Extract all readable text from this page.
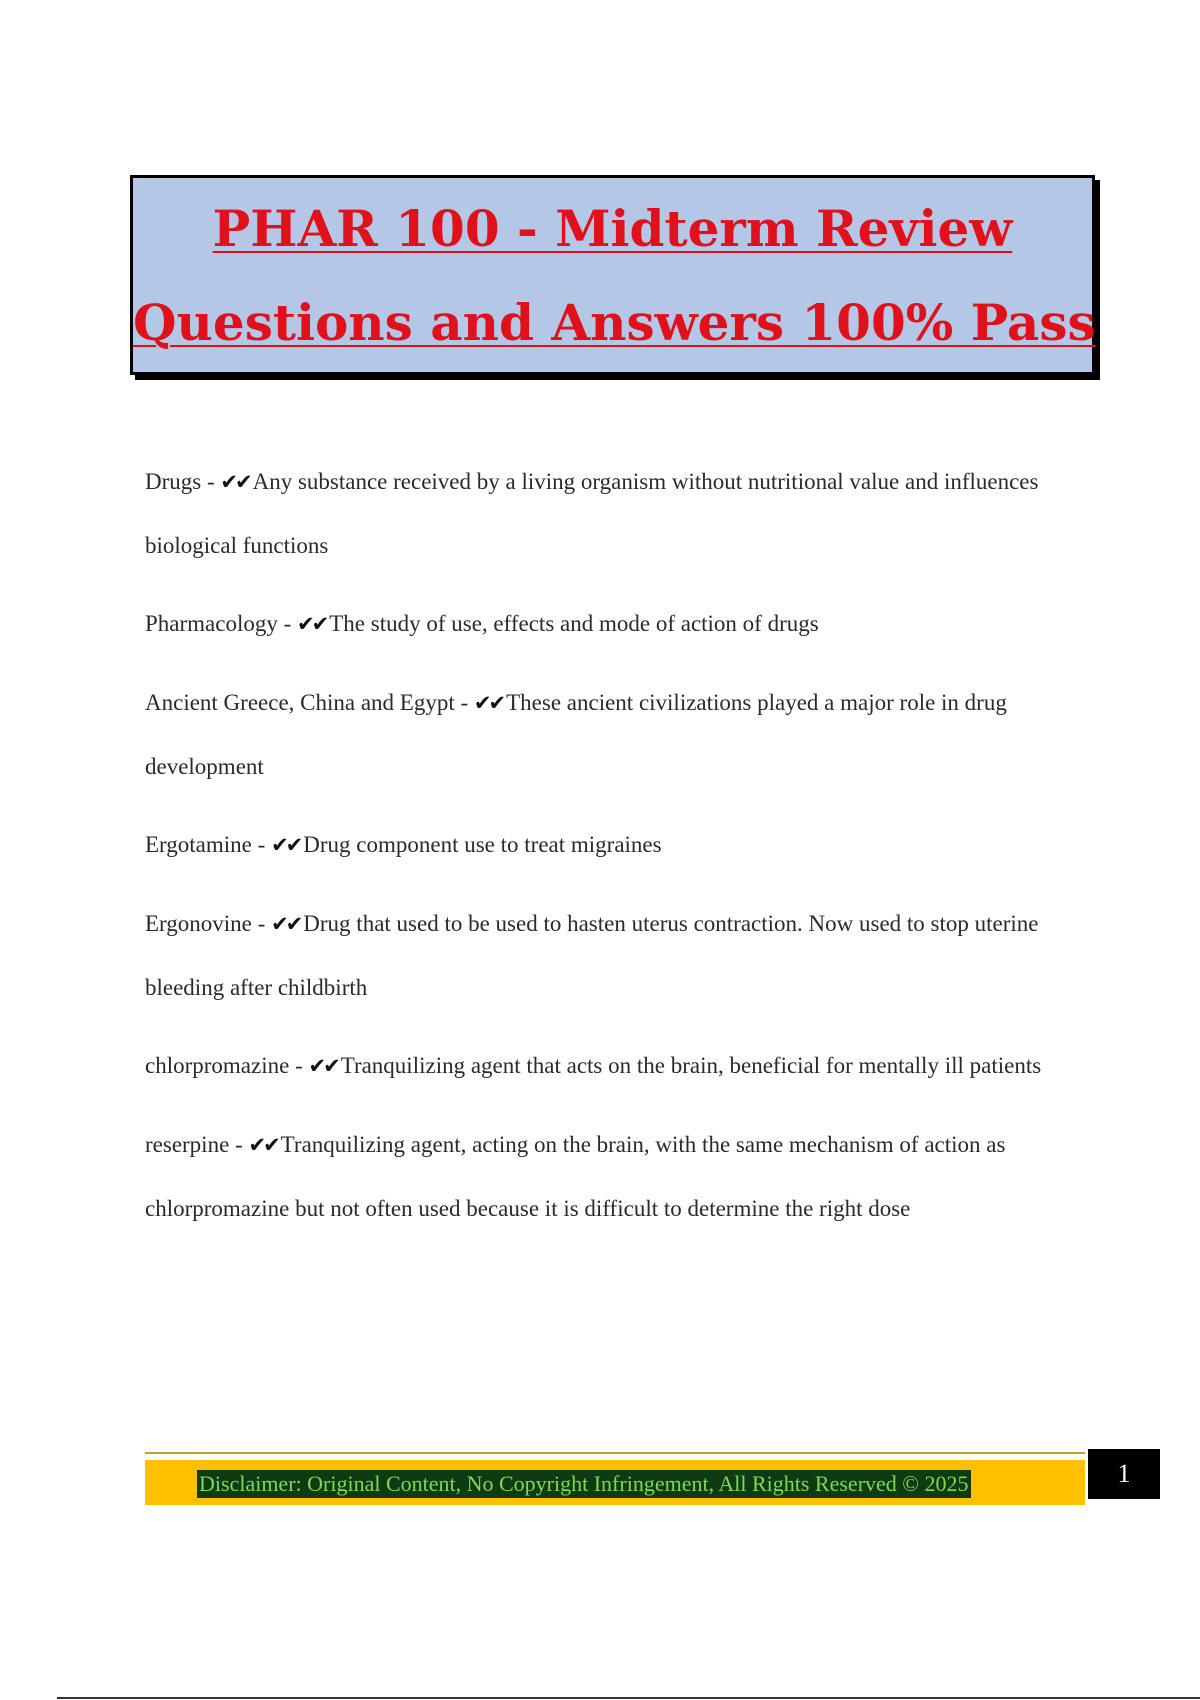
PHAR 100 - Midterm Review
Questions and Answers 100% Pass

Drugs - ✔✔ Any substance received by a living organism without nutritional value and influences biological functions

Pharmacology - ✔✔ The study of use, effects and mode of action of drugs

Ancient Greece, China and Egypt - ✔✔ These ancient civilizations played a major role in drug development

Ergotamine - ✔✔ Drug component use to treat migraines

Ergonovine - ✔✔ Drug that used to be used to hasten uterus contraction. Now used to stop uterine bleeding after childbirth

chlorpromazine - ✔✔ Tranquilizing agent that acts on the brain, beneficial for mentally ill patients

reserpine - ✔✔ Tranquilizing agent, acting on the brain, with the same mechanism of action as chlorpromazine but not often used because it is difficult to determine the right dose

Disclaimer: Original Content, No Copyright Infringement, All Rights Reserved © 2025	1
